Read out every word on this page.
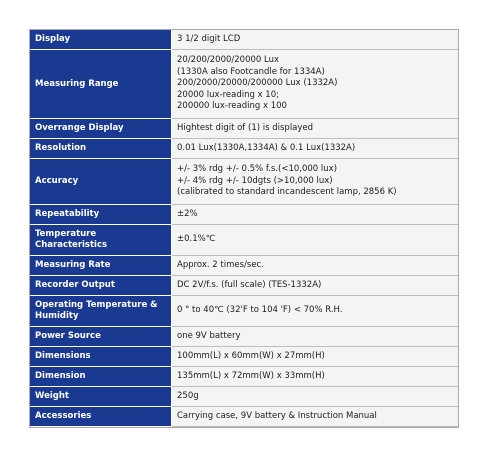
Display	3 1/2 digit LCD

Measuring Range	20/200/2000/20000 Lux
(1330A also Footcandle for 1334A)
200/2000/20000/200000 Lux (1332A)
20000 lux-reading x 10;
200000 lux-reading x 100

Overrange Display	Hightest digit of (1) is displayed

Resolution	0.01 Lux(1330A,1334A) & 0.1 Lux(1332A)

Accuracy	+/- 3% rdg +/- 0.5% f.s.(<10,000 lux)
+/- 4% rdg +/- 10dgts (>10,000 lux)
(calibrated to standard incandescent lamp, 2856 K)

Repeatability	±2%

Temperature Characteristics	±0.1%℃

Measuring Rate	Approx. 2 times/sec.

Recorder Output	DC 2V/f.s. (full scale) (TES-1332A)

Operating Temperature & Humidity	0 ° to 40℃ (32'F to 104 'F) < 70% R.H.

Power Source	one 9V battery

Dimensions	100mm(L) x 60mm(W) x 27mm(H)

Dimension	135mm(L) x 72mm(W) x 33mm(H)

Weight	250g

Accessories	Carrying case, 9V battery & Instruction Manual
